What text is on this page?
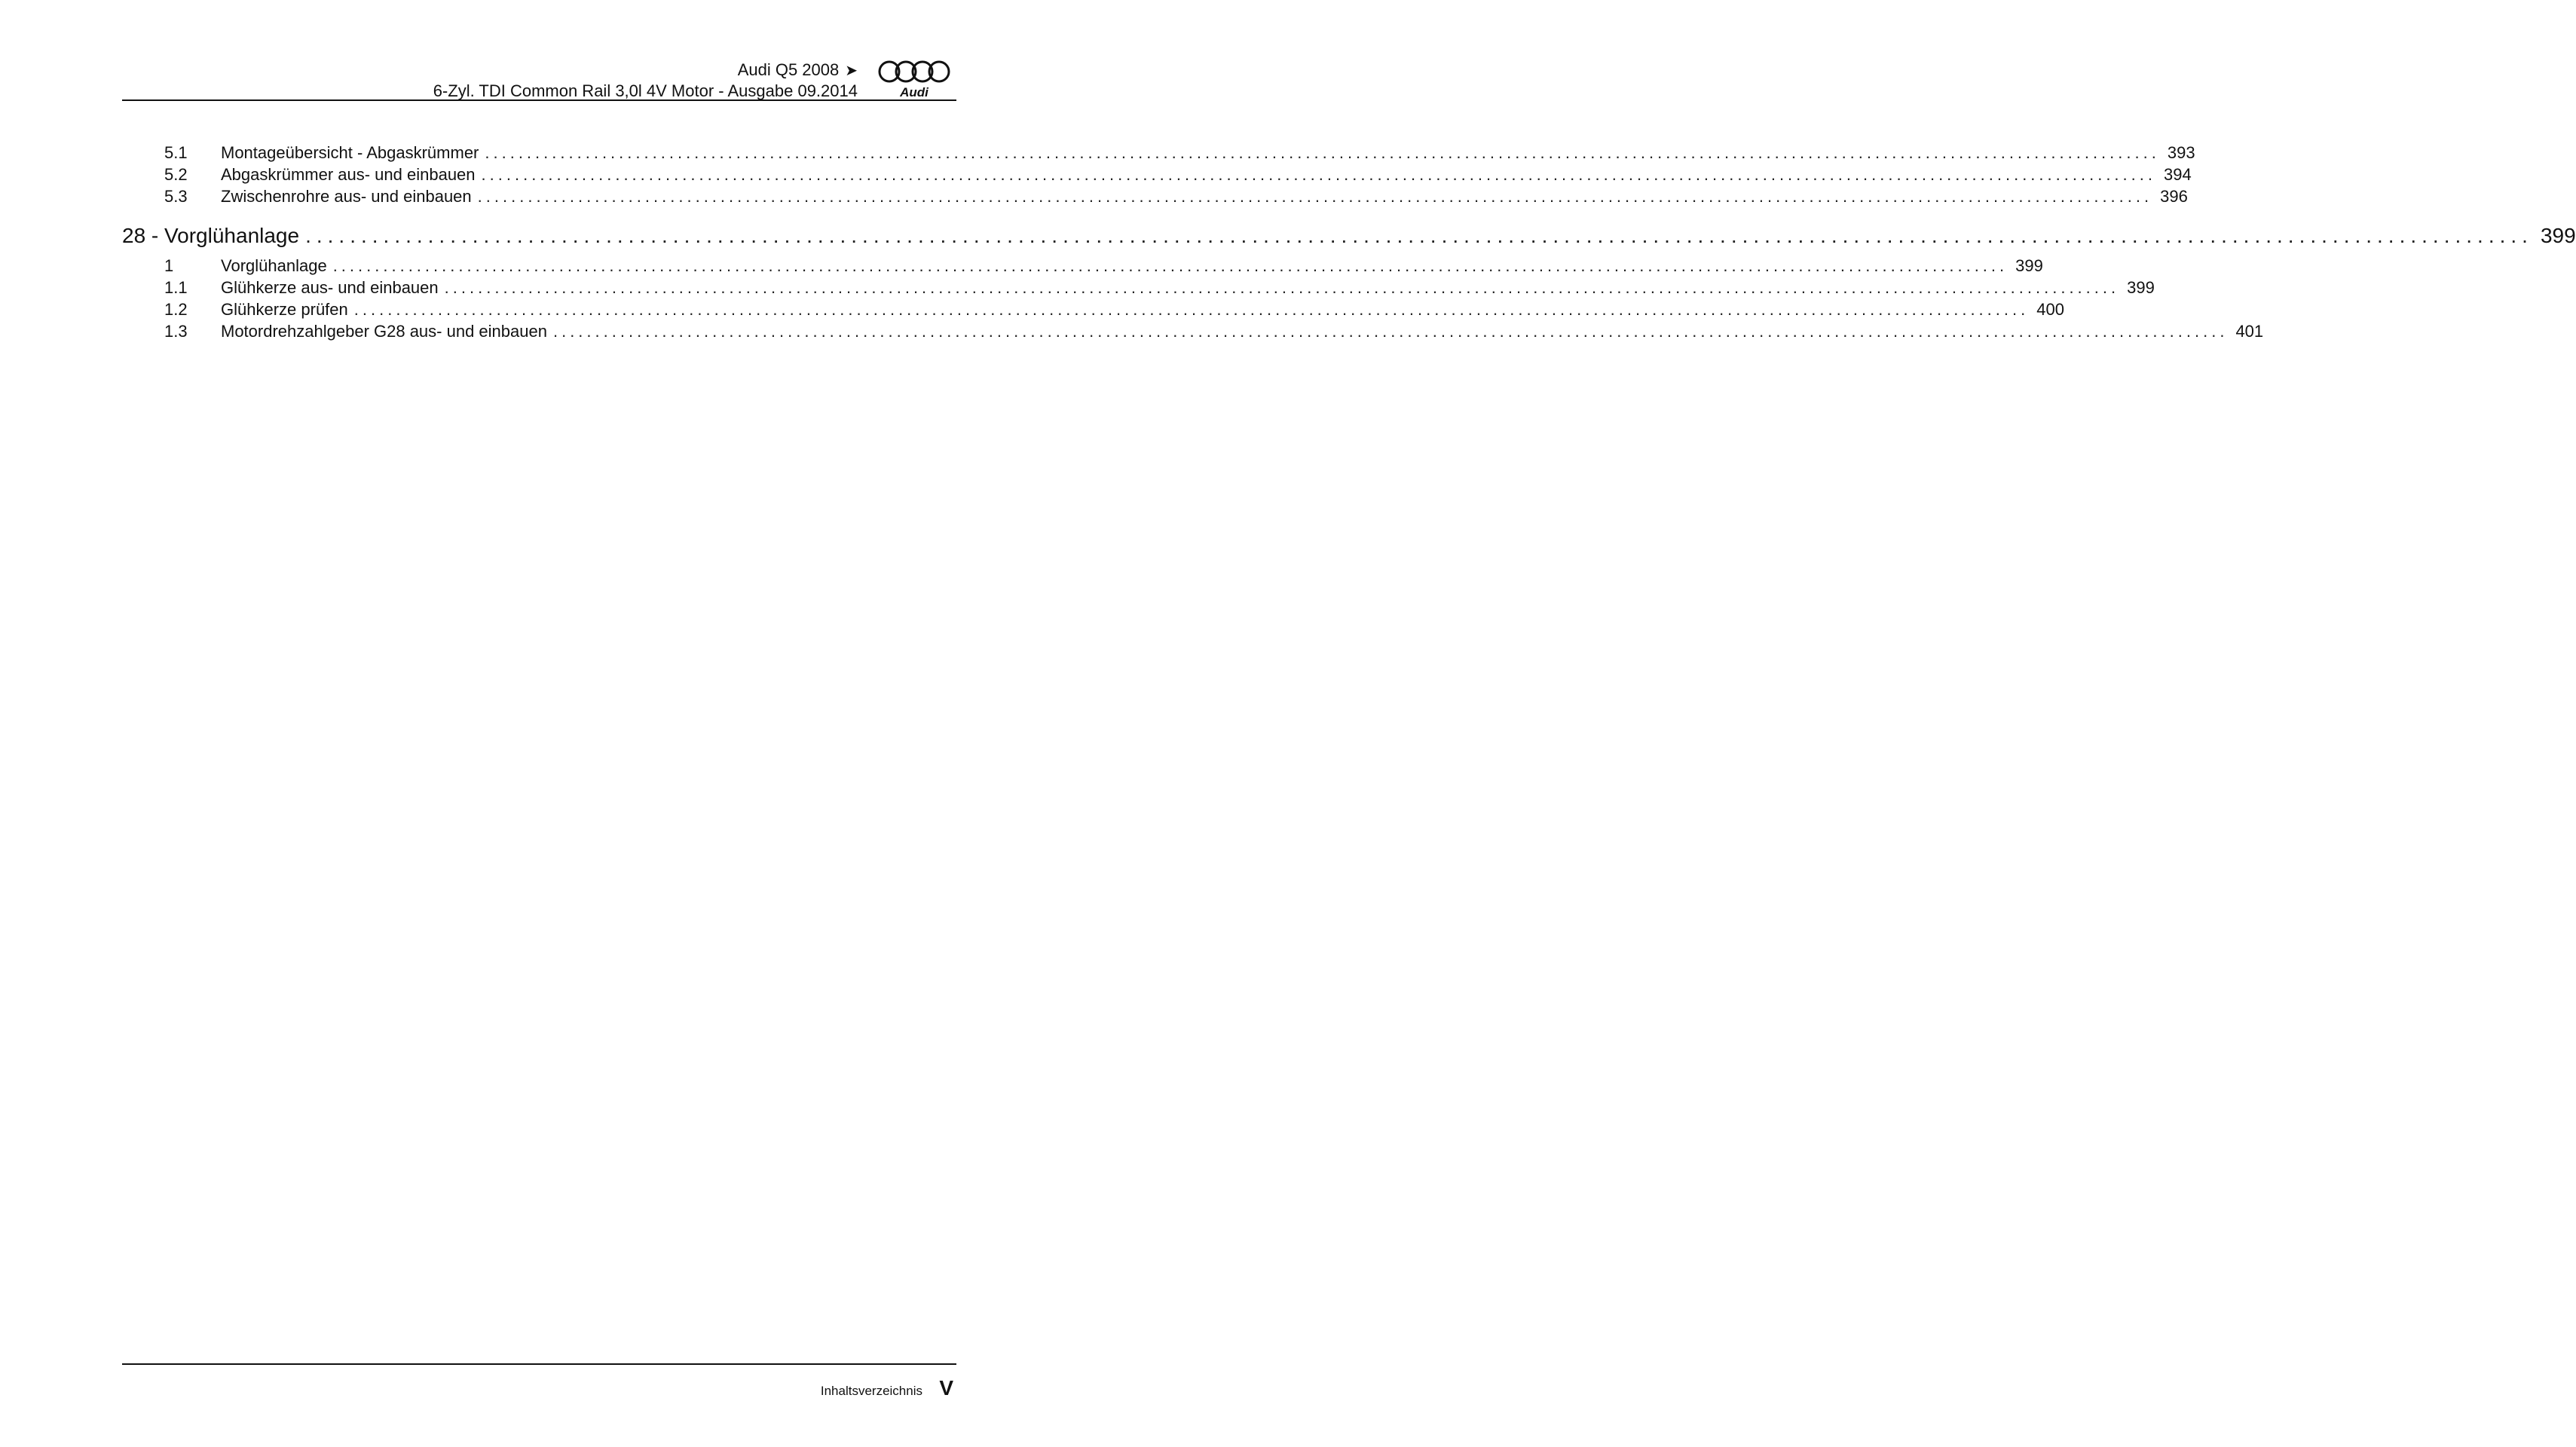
Audi Q5 2008 ➤
6-Zyl. TDI Common Rail 3,0l 4V Motor - Ausgabe 09.2014	Audi
5.1	Montageübersicht - Abgaskrümmer ........................................................................................................................................................................................................ 393
5.2	Abgaskrümmer aus- und einbauen ........................................................................................................................................................................................................ 394
5.3	Zwischenrohre aus- und einbauen ........................................................................................................................................................................................................ 396
28 - Vorglühanlage ........................................................................................................................................................................................................ 399
1	Vorglühanlage ........................................................................................................................................................................................................ 399
1.1	Glühkerze aus- und einbauen ........................................................................................................................................................................................................ 399
1.2	Glühkerze prüfen ........................................................................................................................................................................................................ 400
1.3	Motordrehzahlgeber G28 aus- und einbauen ........................................................................................................................................................................................................ 401
Inhaltsverzeichnis V
